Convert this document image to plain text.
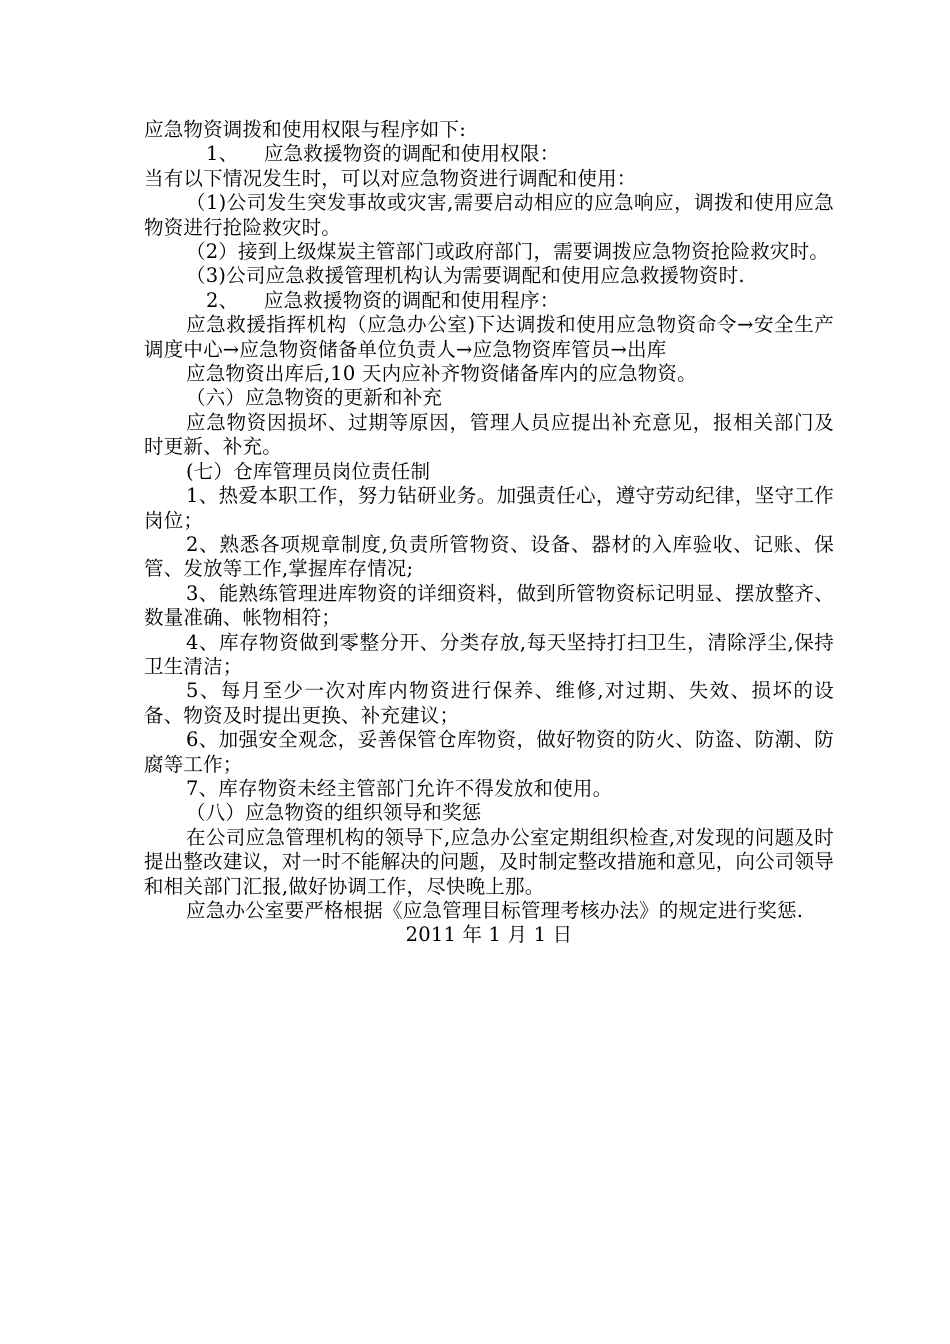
应急物资调拨和使用权限与程序如下:

1、    应急救援物资的调配和使用权限：

当有以下情况发生时，可以对应急物资进行调配和使用：

（1)公司发生突发事故或灾害,需要启动相应的应急响应，调拨和使用应急物资进行抢险救灾时。

（2）接到上级煤炭主管部门或政府部门，需要调拨应急物资抢险救灾时。

（3)公司应急救援管理机构认为需要调配和使用应急救援物资时.

2、    应急救援物资的调配和使用程序：

应急救援指挥机构（应急办公室)下达调拨和使用应急物资命令→安全生产调度中心→应急物资储备单位负责人→应急物资库管员→出库

应急物资出库后,10 天内应补齐物资储备库内的应急物资。

（六）应急物资的更新和补充

应急物资因损坏、过期等原因，管理人员应提出补充意见，报相关部门及时更新、补充。

(七）仓库管理员岗位责任制

1、热爱本职工作，努力钻研业务。加强责任心，遵守劳动纪律，坚守工作岗位；

2、熟悉各项规章制度,负责所管物资、设备、器材的入库验收、记账、保管、发放等工作,掌握库存情况;

3、能熟练管理进库物资的详细资料，做到所管物资标记明显、摆放整齐、数量准确、帐物相符；

4、库存物资做到零整分开、分类存放,每天坚持打扫卫生，清除浮尘,保持卫生清洁；

5、每月至少一次对库内物资进行保养、维修,对过期、失效、损坏的设备、物资及时提出更换、补充建议；

6、加强安全观念，妥善保管仓库物资，做好物资的防火、防盗、防潮、防腐等工作；

7、库存物资未经主管部门允许不得发放和使用。

（八）应急物资的组织领导和奖惩

在公司应急管理机构的领导下,应急办公室定期组织检查,对发现的问题及时提出整改建议，对一时不能解决的问题，及时制定整改措施和意见，向公司领导和相关部门汇报,做好协调工作，尽快晚上那。

应急办公室要严格根据《应急管理目标管理考核办法》的规定进行奖惩.

2011 年 1 月 1 日
